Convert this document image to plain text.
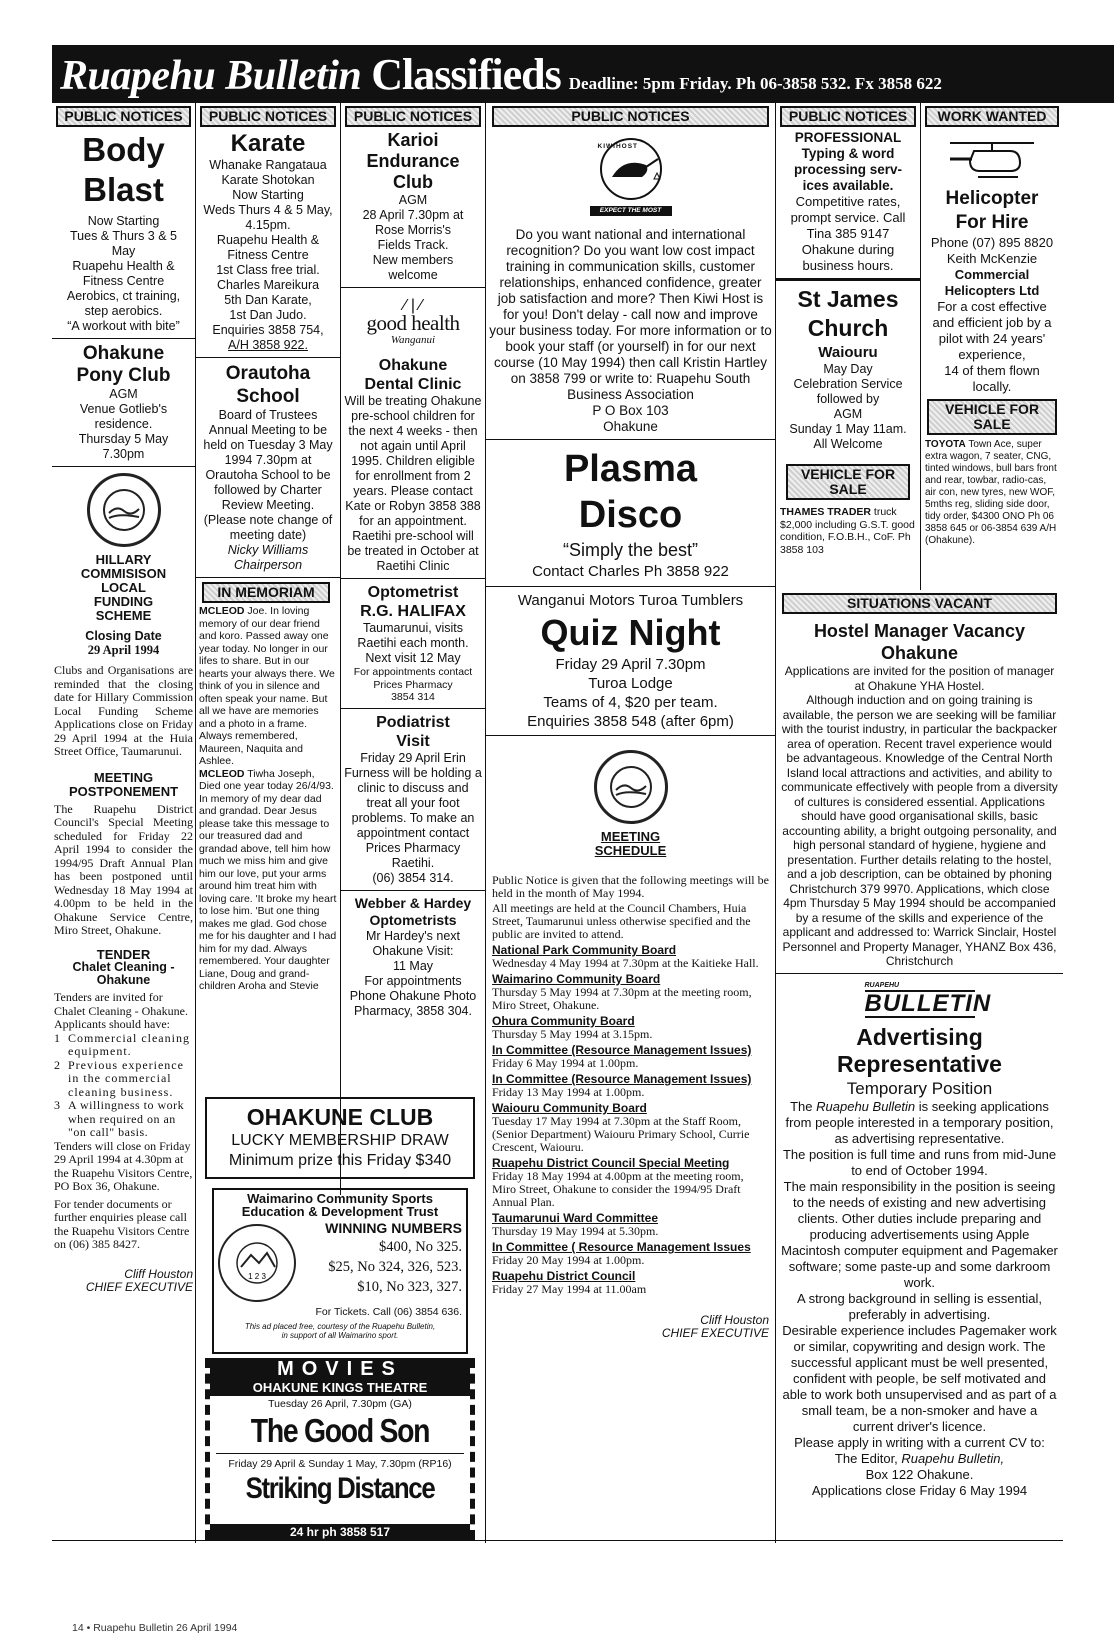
Ruapehu Bulletin Classifieds Deadline: 5pm Friday. Ph 06-3858 532. Fx 3858 622
PUBLIC NOTICES
Body
Blast
Now Starting
Tues & Thurs 3 & 5
May
Ruapehu Health &
Fitness Centre
Aerobics, ct training,
step aerobics.
“A workout with bite”
Ohakune
Pony Club
AGM
Venue Gotlieb's
residence.
Thursday 5 May
7.30pm
HILLARY
COMMISISON
LOCAL
FUNDING
SCHEME
Closing Date
29 April 1994
Clubs and Organisations are reminded that the closing date for Hillary Commission Local Funding Scheme Applications close on Friday 29 April 1994 at the Huia Street Office, Taumarunui.
MEETING
POSTPONEMENT
The Ruapehu District Council's Special Meeting scheduled for Friday 22 April 1994 to consider the 1994/95 Draft Annual Plan has been postponed until Wednesday 18 May 1994 at 4.00pm to be held in the Ohakune Service Centre, Miro Street, Ohakune.
TENDER
Chalet Cleaning -
Ohakune
Tenders are invited for Chalet Cleaning - Ohakune.
Applicants should have:
1 Commercial cleaning equipment.
2 Previous experience in the commercial cleaning business.
3 A willingness to work when required on an "on call" basis.
Tenders will close on Friday 29 April 1994 at 4.30pm at the Ruapehu Visitors Centre, PO Box 36, Ohakune.
For tender documents or further enquiries please call the Ruapehu Visitors Centre on (06) 385 8427.
Cliff Houston
CHIEF EXECUTIVE
14 • Ruapehu Bulletin 26 April 1994
PUBLIC NOTICES
Karate
Whanake Rangataua
Karate Shotokan
Now Starting
Weds Thurs 4 & 5 May,
4.15pm.
Ruapehu Health &
Fitness Centre
1st Class free trial.
Charles Mareikura
5th Dan Karate,
1st Dan Judo.
Enquiries 3858 754,
A/H 3858 922.
Orautoha
School
Board of Trustees Annual Meeting to be held on Tuesday 3 May 1994 7.30pm at Orautoha School to be followed by Charter Review Meeting. (Please note change of meeting date)
Nicky Williams
Chairperson
IN MEMORIAM
MCLEOD Joe. In loving memory of our dear friend and koro. Passed away one year today. No longer in our lifes to share. But in our hearts your always there. We think of you in silence and often speak your name. But all we have are memories and a photo in a frame. Always remembered, Maureen, Naquita and Ashlee.
MCLEOD Tiwha Joseph, Died one year today 26/4/93. In memory of my dear dad and grandad. Dear Jesus please take this message to our treasured dad and grandad above, tell him how much we miss him and give him our love, put your arms around him treat him with loving care. 'It broke my heart to lose him. 'But one thing makes me glad. God chose me for his daughter and I had him for my dad. Always remembered. Your daughter Liane, Doug and grand-children Aroha and Stevie
PUBLIC NOTICES
Karioi
Endurance
Club
AGM
28 April 7.30pm at
Rose Morris's
Fields Track.
New members
welcome
⁄ | ⁄
good health
Wanganui
Ohakune
Dental Clinic
Will be treating Ohakune pre-school children for the next 4 weeks - then not again until April 1995. Children eligible for enrollment from 2 years. Please contact Kate or Robyn 3858 388 for an appointment. Raetihi pre-school will be treated in October at Raetihi Clinic
Optometrist
R.G. HALIFAX
Taumarunui, visits
Raetihi each month.
Next visit 12 May
For appointments contact
Prices Pharmacy
3854 314
Podiatrist
Visit
Friday 29 April Erin Furness will be holding a clinic to discuss and treat all your foot problems. To make an appointment contact Prices Pharmacy Raetihi.
(06) 3854 314.
Webber & Hardey
Optometrists
Mr Hardey's next
Ohakune Visit:
11 May
For appointments
Phone Ohakune Photo
Pharmacy, 3858 304.
OHAKUNE CLUB
LUCKY MEMBERSHIP DRAW
Minimum prize this Friday $340
Waimarino Community Sports
Education & Development Trust
1 2 3
WINNING NUMBERS
$400, No 325.
$25, No 324, 326, 523.
$10, No 323, 327.
For Tickets. Call (06) 3854 636.
This ad placed free, courtesy of the Ruapehu Bulletin,
in support of all Waimarino sport.
MOVIES
OHAKUNE KINGS THEATRE
Tuesday 26 April, 7.30pm (GA)
The Good Son
Friday 29 April & Sunday 1 May, 7.30pm (RP16)
Striking Distance
24 hr ph 3858 517
PUBLIC NOTICES
KIWIHOST
EXPECT THE MOST
Do you want national and international recognition? Do you want low cost impact training in communication skills, customer relationships, enhanced confidence, greater job satisfaction and more? Then Kiwi Host is for you! Don't delay - call now and improve your business today. For more information or to book your staff (or yourself) in for our next course (10 May 1994) then call Kristin Hartley on 3858 799 or write to: Ruapehu South
Business Association
P O Box 103
Ohakune
Plasma
Disco
“Simply the best”
Contact Charles Ph 3858 922
Wanganui Motors Turoa Tumblers
Quiz Night
Friday 29 April 7.30pm
Turoa Lodge
Teams of 4, $20 per team.
Enquiries 3858 548 (after 6pm)
MEETING
SCHEDULE
Public Notice is given that the following meetings will be held in the month of May 1994.
All meetings are held at the Council Chambers, Huia Street, Taumarunui unless otherwise specified and the public are invited to attend.
National Park Community Board
Wednesday 4 May 1994 at 7.30pm at the Kaitieke Hall.
Waimarino Community Board
Thursday 5 May 1994 at 7.30pm at the meeting room, Miro Street, Ohakune.
Ohura Community Board
Thursday 5 May 1994 at 3.15pm.
In Committee (Resource Management Issues)
Friday 6 May 1994 at 1.00pm.
In Committee (Resource Management Issues)
Friday 13 May 1994 at 1.00pm.
Waiouru Community Board
Tuesday 17 May 1994 at 7.30pm at the Staff Room, (Senior Department) Waiouru Primary School, Currie Crescent, Waiouru.
Ruapehu District Council Special Meeting
Friday 18 May 1994 at 4.00pm at the meeting room, Miro Street, Ohakune to consider the 1994/95 Draft Annual Plan.
Taumarunui Ward Committee
Thursday 19 May 1994 at 5.30pm.
In Committee ( Resource Management Issues
Friday 20 May 1994 at 1.00pm.
Ruapehu District Council
Friday 27 May 1994 at 11.00am
Cliff Houston
CHIEF EXECUTIVE
PUBLIC NOTICES
PROFESSIONAL
Typing & word
processing serv-
ices available.
Competitive rates,
prompt service. Call
Tina 385 9147
Ohakune during
business hours.
St James
Church
Waiouru
May Day
Celebration Service
followed by
AGM
Sunday 1 May 11am.
All Welcome
VEHICLE FOR SALE
THAMES TRADER truck $2,000 including G.S.T. good condition, F.O.B.H., CoF. Ph 3858 103
WORK WANTED
Helicopter
For Hire
Phone (07) 895 8820
Keith McKenzie
Commercial
Helicopters Ltd
For a cost effective
and efficient job by a
pilot with 24 years'
experience,
14 of them flown
locally.
VEHICLE FOR SALE
TOYOTA Town Ace, super extra wagon, 7 seater, CNG, tinted windows, bull bars front and rear, towbar, radio-cas, air con, new tyres, new WOF, 5mths reg, sliding side door, tidy order, $4300 ONO Ph 06 3858 645 or 06-3854 639 A/H (Ohakune).
SITUATIONS VACANT
Hostel Manager Vacancy
Ohakune
Applications are invited for the position of manager
at Ohakune YHA Hostel.
Although induction and on going training is available, the person we are seeking will be familiar with the tourist industry, in particular the backpacker area of operation. Recent travel experience would be advantageous. Knowledge of the Central North Island local attractions and activities, and ability to communicate effectively with people from a diversity of cultures is considered essential. Applications should have good organisational skills, basic accounting ability, a bright outgoing personality, and high personal standard of hygiene, hygiene and presentation. Further details relating to the hostel, and a job description, can be obtained by phoning Christchurch 379 9970. Applications, which close 4pm Thursday 5 May 1994 should be accompanied by a resume of the skills and experience of the applicant and addressed to: Warrick Sinclair, Hostel Personnel and Property Manager, YHANZ Box 436, Christchurch
RUAPEHU
BULLETIN
Advertising
Representative
Temporary Position
The Ruapehu Bulletin is seeking applications from people interested in a temporary position, as advertising representative.
The position is full time and runs from mid-June to end of October 1994.
The main responsibility in the position is seeing to the needs of existing and new advertising clients. Other duties include preparing and producing advertisements using Apple Macintosh computer equipment and Pagemaker software; some paste-up and some darkroom work.
A strong background in selling is essential, preferably in advertising.
Desirable experience includes Pagemaker work or similar, copywriting and design work. The successful applicant must be well presented, confident with people, be self motivated and able to work both unsupervised and as part of a small team, be a non-smoker and have a current driver's licence.
Please apply in writing with a current CV to:
The Editor, Ruapehu Bulletin,
Box 122 Ohakune.
Applications close Friday 6 May 1994
